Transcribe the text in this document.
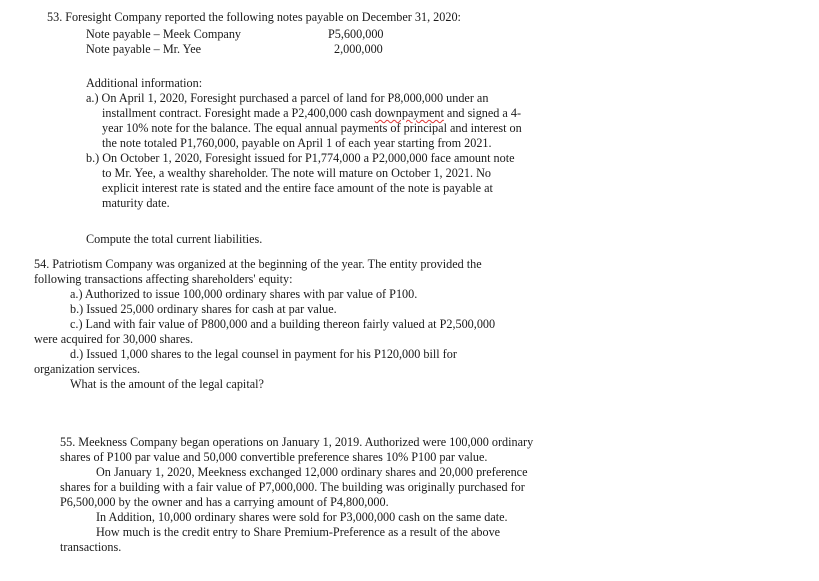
53. Foresight Company reported the following notes payable on December 31, 2020:
Note payable – Meek Company	P5,600,000
Note payable – Mr. Yee	2,000,000
Additional information:
a.) On April 1, 2020, Foresight purchased a parcel of land for P8,000,000 under an
installment contract. Foresight made a P2,400,000 cash downpayment and signed a 4-
year 10% note for the balance. The equal annual payments of principal and interest on
the note totaled P1,760,000, payable on April 1 of each year starting from 2021.
b.) On October 1, 2020, Foresight issued for P1,774,000 a P2,000,000 face amount note
to Mr. Yee, a wealthy shareholder. The note will mature on October 1, 2021. No
explicit interest rate is stated and the entire face amount of the note is payable at
maturity date.
Compute the total current liabilities.
54. Patriotism Company was organized at the beginning of the year. The entity provided the
following transactions affecting shareholders' equity:
a.) Authorized to issue 100,000 ordinary shares with par value of P100.
b.) Issued 25,000 ordinary shares for cash at par value.
c.) Land with fair value of P800,000 and a building thereon fairly valued at P2,500,000
were acquired for 30,000 shares.
d.) Issued 1,000 shares to the legal counsel in payment for his P120,000 bill for
organization services.
What is the amount of the legal capital?
55. Meekness Company began operations on January 1, 2019. Authorized were 100,000 ordinary
shares of P100 par value and 50,000 convertible preference shares 10% P100 par value.
On January 1, 2020, Meekness exchanged 12,000 ordinary shares and 20,000 preference
shares for a building with a fair value of P7,000,000. The building was originally purchased for
P6,500,000 by the owner and has a carrying amount of P4,800,000.
In Addition, 10,000 ordinary shares were sold for P3,000,000 cash on the same date.
How much is the credit entry to Share Premium-Preference as a result of the above
transactions.
